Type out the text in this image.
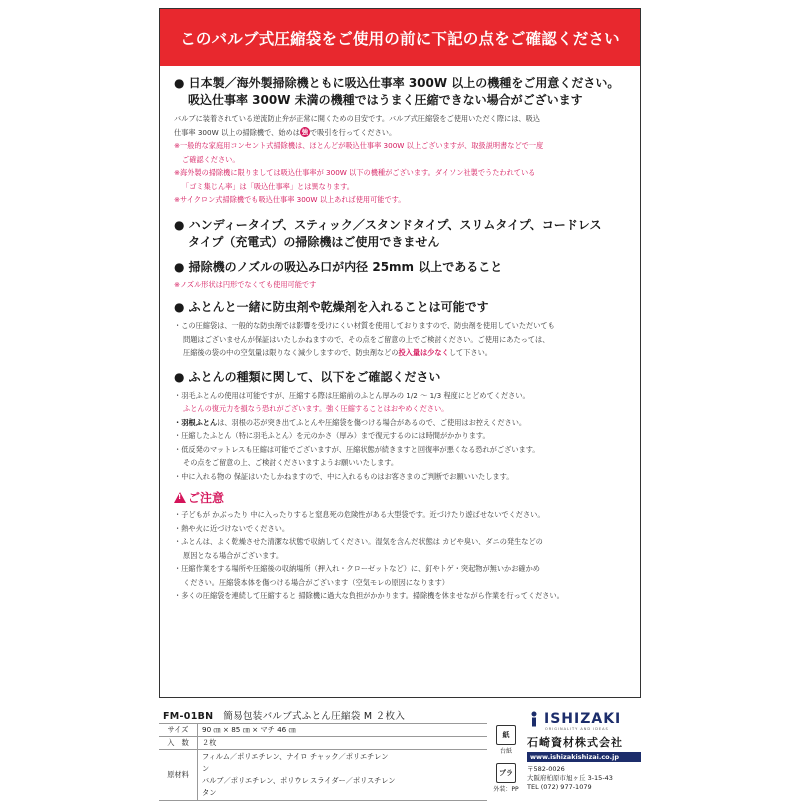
このバルブ式圧縮袋をご使用の前に下記の点をご確認ください
● 日本製／海外製掃除機ともに吸込仕事率 300W 以上の機種をご用意ください。
吸込仕事率 300W 未満の機種ではうまく圧縮できない場合がございます
バルブに装着されている逆流防止弁が正常に開くための目安です。バルブ式圧縮袋をご使用いただく際には、吸込
仕事率 300W 以上の掃除機で、始めは 強 で吸引を行ってください。
※一般的な家庭用コンセント式掃除機は、ほとんどが吸込仕事率 300W 以上ございますが、取扱説明書などで一度
ご確認ください。
※海外製の掃除機に限りましては吸込仕事率が 300W 以下の機種がございます。ダイソン社製でうたわれている
「ゴミ集じん率」は「吸込仕事率」とは異なります。
※サイクロン式掃除機でも吸込仕事率 300W 以上あれば使用可能です。
● ハンディータイプ、スティック／スタンドタイプ、スリムタイプ、コードレス
タイプ（充電式）の掃除機はご使用できません
● 掃除機のノズルの吸込み口が内径 25mm 以上であること
※ノズル形状は円形でなくても使用可能です
● ふとんと一緒に防虫剤や乾燥剤を入れることは可能です
・この圧縮袋は、一般的な防虫剤では影響を受けにくい材質を使用しておりますので、防虫剤を使用していただいても
問題はございませんが保証はいたしかねますので、その点をご留意の上でご検討ください。ご使用にあたっては、
圧縮後の袋の中の空気量は限りなく減少しますので、防虫剤などの投入量は少なくして下さい。
● ふとんの種類に関して、以下をご確認ください
・羽毛ふとんの使用は可能ですが、圧縮する際は圧縮前のふとん厚みの 1/2 ～ 1/3 程度にとどめてください。
ふとんの復元力を損なう恐れがございます。強く圧縮することはおやめください。
・羽根ふとんは、羽根の芯が突き出てふとんや圧縮袋を傷つける場合があるので、ご使用はお控えください。
・圧縮したふとん（特に羽毛ふとん）を元のかさ（厚み）まで復元するのには時間がかかります。
・低反発のマットレスも圧縮は可能でございますが、圧縮状態が続きますと回復率が悪くなる恐れがございます。
その点をご留意の上、ご検討くださいますようお願いいたします。
・中に入れる物の 保証はいたしかねますので、中に入れるものはお客さまのご判断でお願いいたします。
!ご注意
・子どもが かぶったり 中に入ったりすると窒息死の危険性がある大型袋です。近づけたり遊ばせないでください。
・熱や火に近づけないでください。
・ふとんは、よく乾燥させた清潔な状態で収納してください。湿気を含んだ状態は カビや臭い、ダニの発生などの
原因となる場合がございます。
・圧縮作業をする場所や圧縮後の収納場所（押入れ・クローゼットなど）に、釘やトゲ・突起物が無いかお確かめ
ください。圧縮袋本体を傷つける場合がございます（空気モレの原因になります）
・多くの圧縮袋を連続して圧縮すると 掃除機に過大な負担がかかります。掃除機を休ませながら作業を行ってください。
FM-01BN 簡易包装バルブ式ふとん圧縮袋 M ２枚入
サイズ	90 ㎝ × 85 ㎝ × マチ 46 ㎝
入　数	２枚
原材料	フィルム／ポリエチレン、ナイロン
チャック／ポリエチレン
バルブ／ポリエチレン、ポリウレタン
スライダー／ポリスチレン
紙
台紙
プラ
外装：PP
ISHIZAKI
ORIGINALITY AND IDEAS
石崎資材株式会社
www.ishizakishizai.co.jp
〒582-0026
大阪府柏原市旭ヶ丘 3-15-43
TEL (072) 977-1079
